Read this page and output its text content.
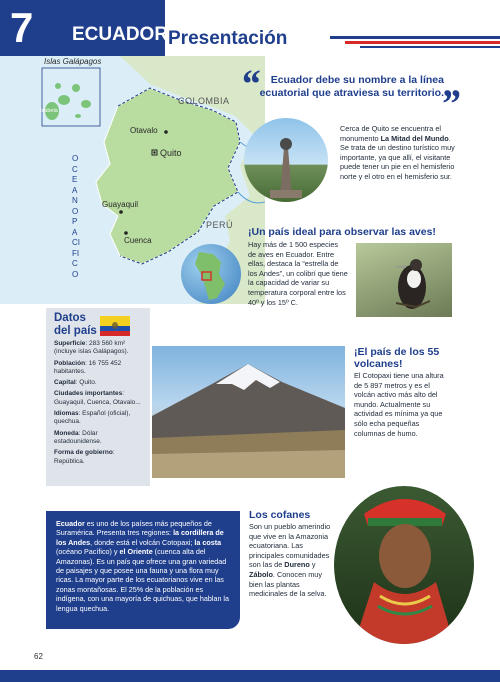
7 ECUADOR Presentación
Islas Galápagos
Isabela
COLOMBIA
PERÚ
Otavalo
Quito
Guayaquil
Cuenca
OCEANO PACIFICO
“	Ecuador debe su nombre a la línea ecuatorial que atraviesa su territorio.
”
Cerca de Quito se encuentra el monumento La Mitad del Mundo. Se trata de un destino turístico muy importante, ya que allí, el visitante puede tener un pie en el hemisferio norte y el otro en el hemisferio sur.
¡Un país ideal para observar las aves!
Hay más de 1 500 especies de aves en Ecuador. Entre ellas, destaca la “estrella de los Andes”, un colibrí que tiene la capacidad de variar su temperatura corporal entre los 40º y los 15º C.
¡El país de los 55 volcanes!
El Cotopaxi tiene una altura de 5 897 metros y es el volcán activo más alto del mundo. Actualmente su actividad es mínima ya que sólo echa pequeñas columnas de humo.
Datos
del país
Superficie: 283 560 km² (incluye islas Galápagos).
Población: 16 755 452 habitantes.
Capital: Quito.
Ciudades importantes: Guayaquil, Cuenca, Otavalo...
Idiomas: Español (oficial), quechua.
Moneda: Dólar estadounidense.
Forma de gobierno: República.
Ecuador es uno de los países más pequeños de Suramérica. Presenta tres regiones: la cordillera de los Andes, donde está el volcán Cotopaxi; la costa (océano Pacífico) y el Oriente (cuenca alta del Amazonas). Es un país que ofrece una gran variedad de paisajes y que posee una fauna y una flora muy ricas. La mayor parte de los ecuatorianos vive en las zonas montañosas. El 25% de la población es indígena, con una mayoría de quichuas, que hablan la lengua quechua.
Los cofanes
Son un pueblo amerindio que vive en la Amazonia ecuatoriana. Las principales comunidades son las de Dureno y Zábolo. Conocen muy bien las plantas medicinales de la selva.
62
